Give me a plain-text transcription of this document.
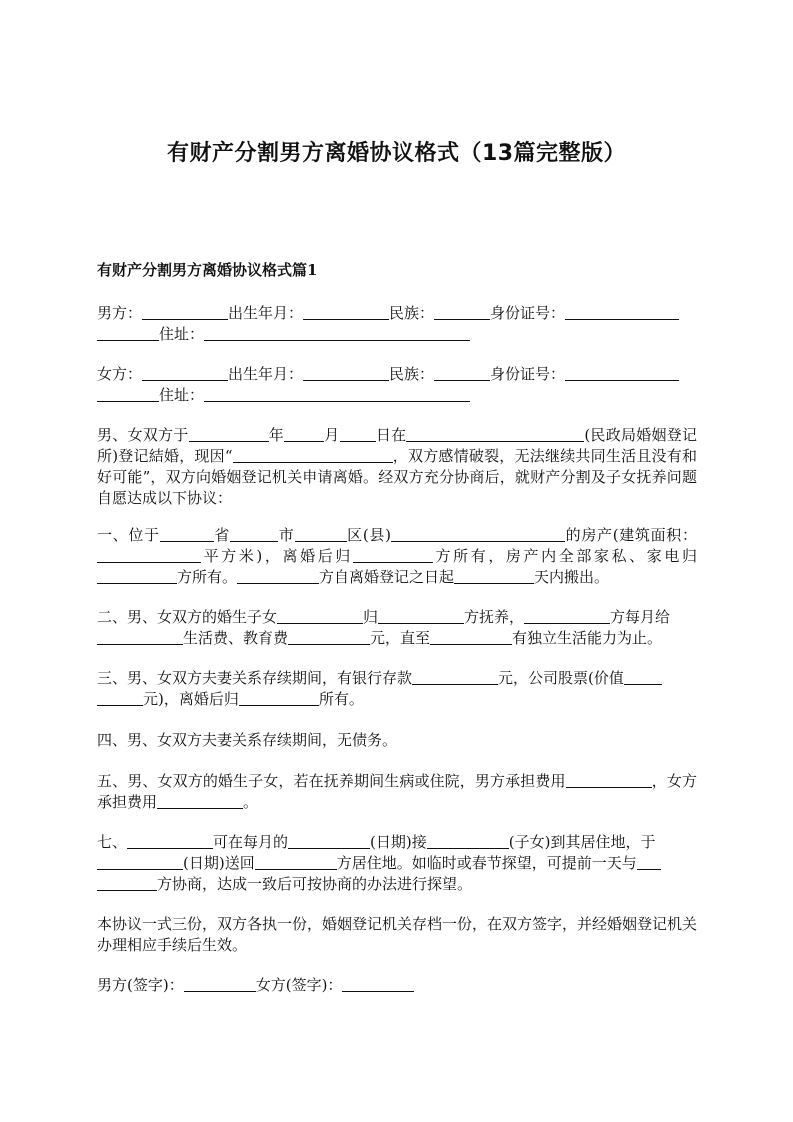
有财产分割男方离婚协议格式（13篇完整版）
有财产分割男方离婚协议格式篇1

男方：	出生年月：	民族：	身份证号：
住址：

女方：	出生年月：	民族：	身份证号：
住址：

男、女双方于	年	月 日在	(民政局婚姻登记所)登记結婚，现因“	，双方感情破裂，无法继续共同生活且没有和好可能”，双方向婚姻登记机关申请离婚。经双方充分协商后，就财产分割及子女抚养问题自愿达成以下协议：

一、位于	省	市	区(县)	的房产(建筑面积：平方米)，离婚后归	方所有，房产内全部家私、家电归方所有。	方自离婚登记之日起	天内搬出。

二、男、女双方的婚生子女	归	方抚养，	方每月给
生活费、教育费	元，直至	有独立生活能力为止。

三、男、女双方夫妻关系存续期间，有银行存款	元，公司股票(价值
元)，离婚后归	所有。

四、男、女双方夫妻关系存续期间，无债务。

五、男、女双方的婚生子女，若在抚养期间生病或住院，男方承担费用	，女方承担费用	。

七、	可在每月的	(日期)接	(子女)到其居住地，于
(日期)送回	方居住地。如临时或春节探望，可提前一天与
方协商，达成一致后可按协商的办法进行探望。

本协议一式三份，双方各执一份，婚姻登记机关存档一份，在双方签字，并经婚姻登记机关办理相应手续后生效。

男方(签字)：	女方(签字)：
